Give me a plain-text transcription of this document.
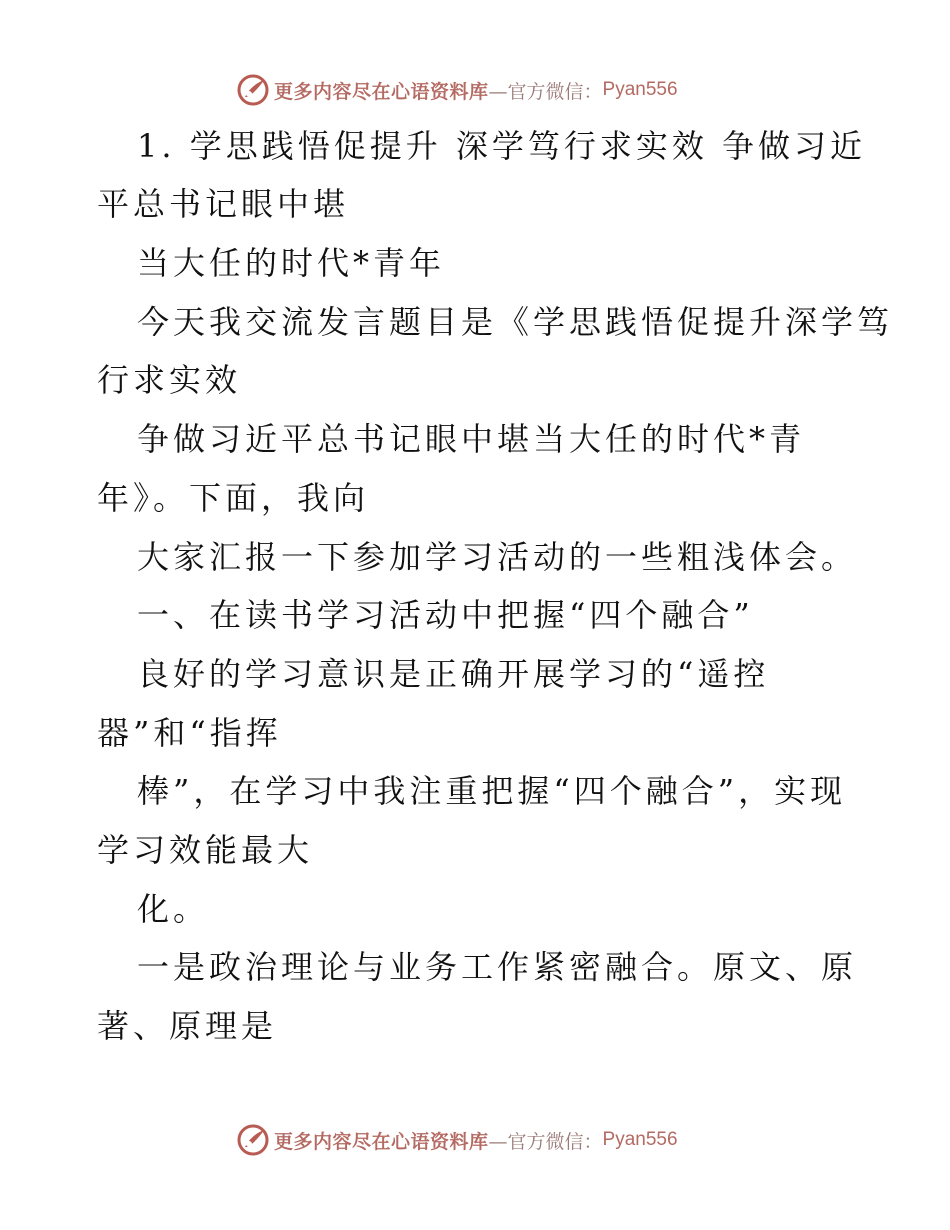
更多内容尽在心语资料库 —官方微信： Pyan556
1. 学思践悟促提升 深学笃行求实效 争做习近
平总书记眼中堪
当大任的时代*青年
今天我交流发言题目是《学思践悟促提升深学笃
行求实效
争做习近平总书记眼中堪当大任的时代*青
年》。下面，我向
大家汇报一下参加学习活动的一些粗浅体会。
一、在读书学习活动中把握“四个融合”
良好的学习意识是正确开展学习的“遥控
器”和“指挥
棒”，在学习中我注重把握“四个融合”，实现
学习效能最大
化。
一是政治理论与业务工作紧密融合。原文、原
著、原理是
更多内容尽在心语资料库 —官方微信： Pyan556
